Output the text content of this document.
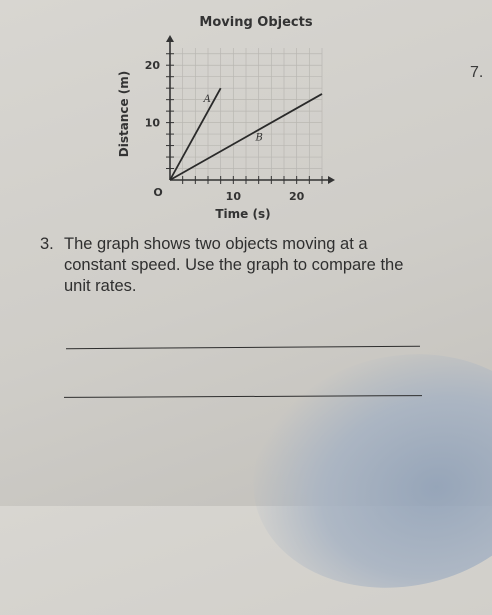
10	20
10
20
O
Moving Objects
Time (s)
Distance (m)	A
B
7.
3. The graph shows two objects moving at a constant speed. Use the graph to compare the unit rates.
